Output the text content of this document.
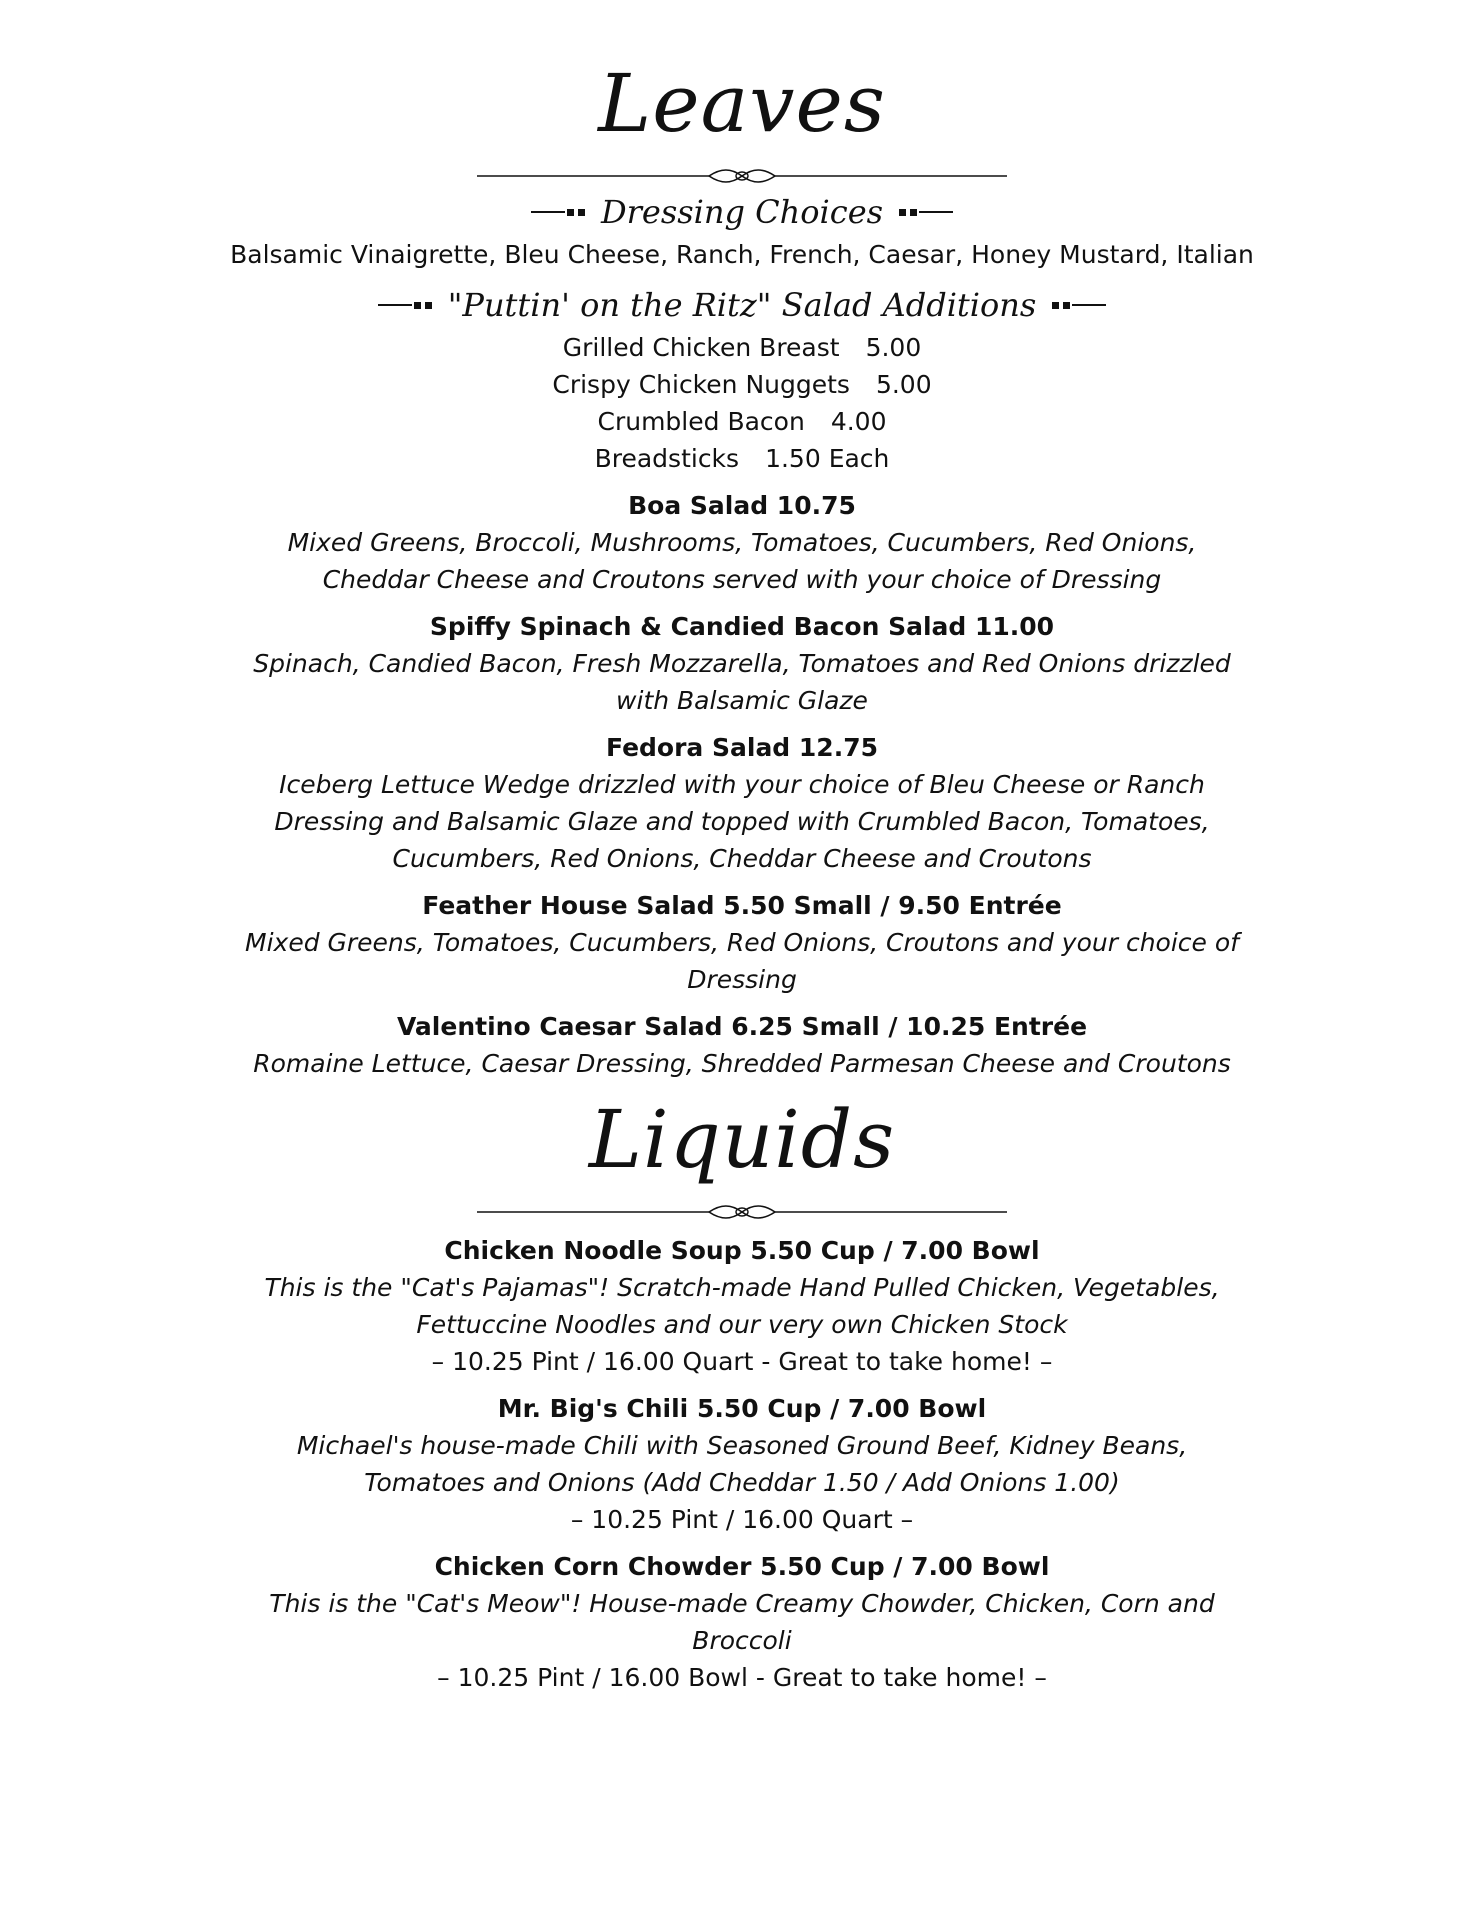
Leaves
Dressing Choices

Balsamic Vinaigrette, Bleu Cheese, Ranch, French, Caesar, Honey Mustard, Italian

"Puttin' on the Ritz" Salad Additions
Grilled Chicken Breast 5.00
Crispy Chicken Nuggets 5.00
Crumbled Bacon 4.00
Breadsticks 1.50 Each

Boa Salad 10.75

Mixed Greens, Broccoli, Mushrooms, Tomatoes, Cucumbers, Red Onions, Cheddar Cheese and Croutons served with your choice of Dressing

Spiffy Spinach & Candied Bacon Salad 11.00

Spinach, Candied Bacon, Fresh Mozzarella, Tomatoes and Red Onions drizzled with Balsamic Glaze

Fedora Salad 12.75

Iceberg Lettuce Wedge drizzled with your choice of Bleu Cheese or Ranch Dressing and Balsamic Glaze and topped with Crumbled Bacon, Tomatoes, Cucumbers, Red Onions, Cheddar Cheese and Croutons

Feather House Salad 5.50 Small / 9.50 Entrée

Mixed Greens, Tomatoes, Cucumbers, Red Onions, Croutons and your choice of Dressing

Valentino Caesar Salad 6.25 Small / 10.25 Entrée

Romaine Lettuce, Caesar Dressing, Shredded Parmesan Cheese and Croutons

Liquids

Chicken Noodle Soup 5.50 Cup / 7.00 Bowl

This is the "Cat's Pajamas"! Scratch-made Hand Pulled Chicken, Vegetables, Fettuccine Noodles and our very own Chicken Stock

– 10.25 Pint / 16.00 Quart - Great to take home! –

Mr. Big's Chili 5.50 Cup / 7.00 Bowl

Michael's house-made Chili with Seasoned Ground Beef, Kidney Beans, Tomatoes and Onions (Add Cheddar 1.50 / Add Onions 1.00)

– 10.25 Pint / 16.00 Quart –

Chicken Corn Chowder 5.50 Cup / 7.00 Bowl

This is the "Cat's Meow"! House-made Creamy Chowder, Chicken, Corn and Broccoli

– 10.25 Pint / 16.00 Bowl - Great to take home! –
